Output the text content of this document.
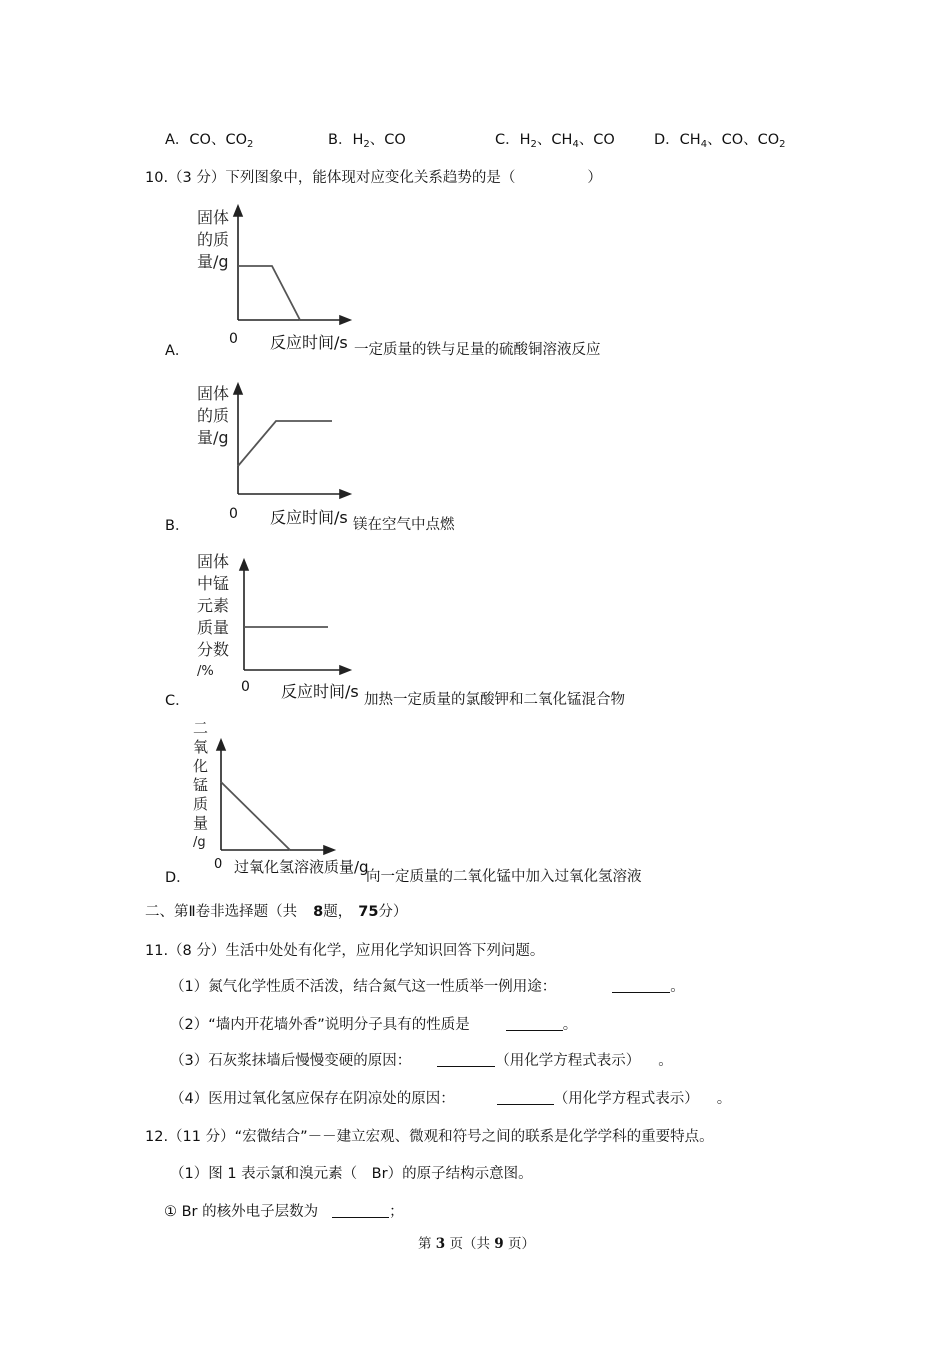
A．CO、$CO_2$	B．$H_2$、CO	C．$H_2$、$CH_4$、CO	D．$CH_4$、CO、$CO_2$
10.（3 分）下列图象中，能体现对应变化关系趋势的是（	）
固体
的质
量/g
0 反应时间/s
A．	一定质量的铁与足量的硫酸铜溶液反应
固体
的质
量/g
0 反应时间/s
B．	镁在空气中点燃
固体
中锰
元素
质量
分数
/%
0 反应时间/s
C．	加热一定质量的氯酸钾和二氧化锰混合物
二
氧
化
锰
质
量
/g
0 过氧化氢溶液质量/g
D．	向一定质量的二氧化锰中加入过氧化氢溶液
二、第Ⅱ卷非选择题（共 8题， 75分）
11.（8 分）生活中处处有化学，应用化学知识回答下列问题。
（1）氮气化学性质不活泼，结合氮气这一性质举一例用途：	。
（2）“墙内开花墙外香”说明分子具有的性质是	。
（3）石灰浆抹墙后慢慢变硬的原因：	（用化学方程式表示） 。
（4）医用过氧化氢应保存在阴凉处的原因：	（用化学方程式表示） 。
12.（11 分）“宏微结合”－－建立宏观、微观和符号之间的联系是化学学科的重要特点。
（1）图 1 表示氯和溴元素（　Br）的原子结构示意图。
① Br 的核外电子层数为	；
第 3 页（共 9 页）
